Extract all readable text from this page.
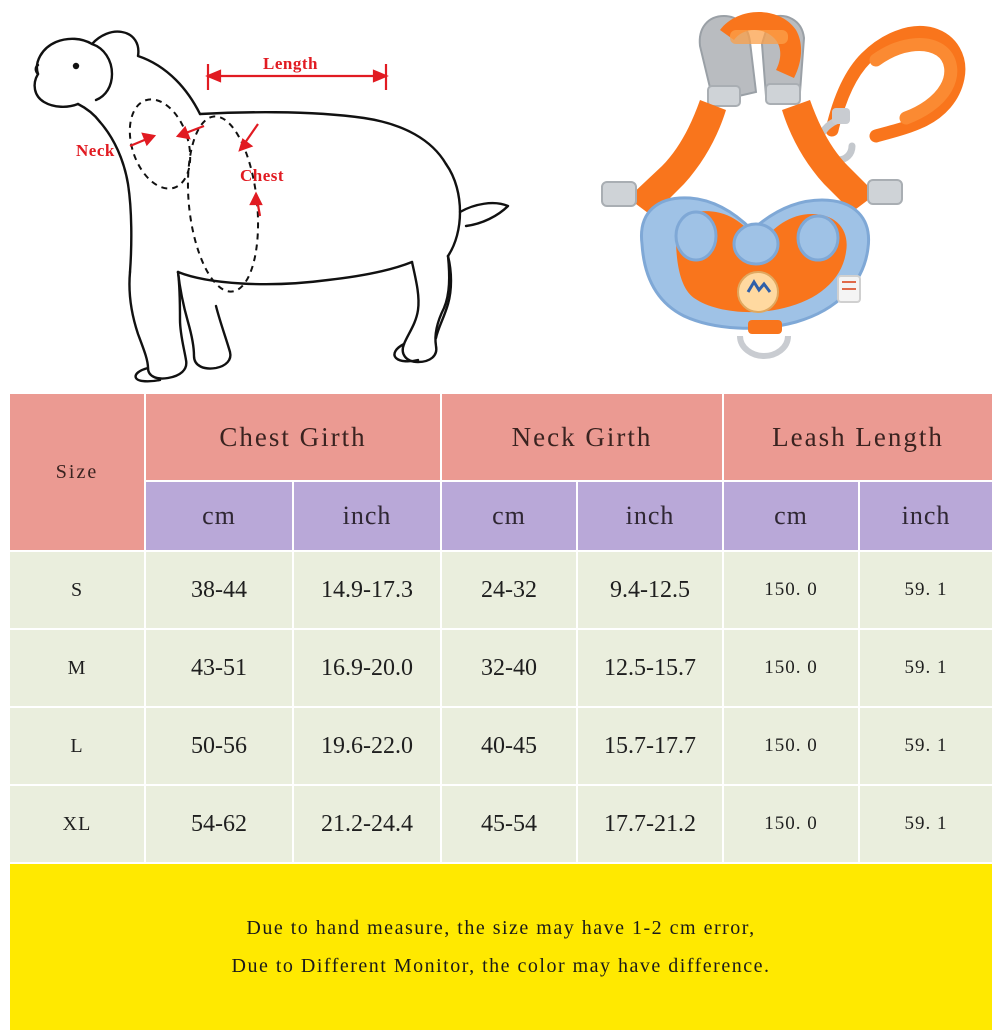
Length
Neck
Chest
Size	Chest Girth		Neck Girth		Leash Length	
	cm	inch	cm	inch	cm	inch
S	38-44	14.9-17.3	24-32	9.4-12.5	150. 0	59. 1
M	43-51	16.9-20.0	32-40	12.5-15.7	150. 0	59. 1
L	50-56	19.6-22.0	40-45	15.7-17.7	150. 0	59. 1
XL	54-62	21.2-24.4	45-54	17.7-21.2	150. 0	59. 1

Due to hand measure, the size may have 1-2 cm error,
Due to Different Monitor, the color may have difference.						
